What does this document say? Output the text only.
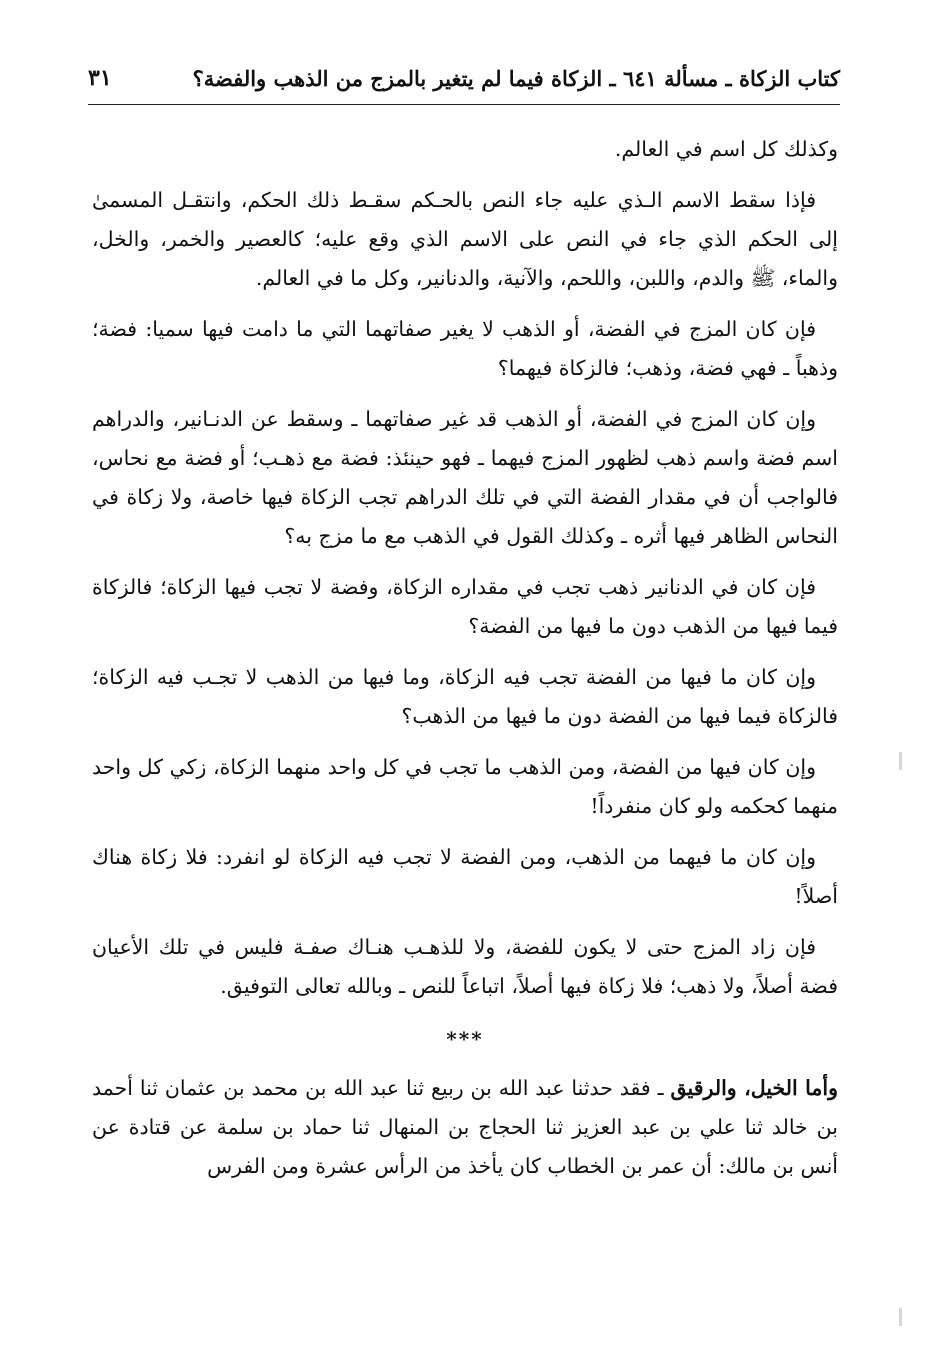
كتاب الزكاة ـ مسألة ٦٤١ ـ الزكاة فيما لم يتغير بالمزج من الذهب والفضة؟
٣١

وكذلك كل اسم في العالم.

فإذا سقط الاسم الـذي عليه جاء النص بالحـكم سقـط ذلك الحكم، وانتقـل المسمىٰ إلى الحكم الذي جاء في النص على الاسم الذي وقع عليه؛ كالعصير والخمر، والخل، والماء، ﷺ والدم، واللبن، واللحم، والآنية، والدنانير، وكل ما في العالم.

فإن كان المزج في الفضة، أو الذهب لا يغير صفاتهما التي ما دامت فيها سميا: فضة؛ وذهباً ـ فهي فضة، وذهب؛ فالزكاة فيهما؟

وإن كان المزج في الفضة، أو الذهب قد غير صفاتهما ـ وسقط عن الدنـانير، والدراهم اسم فضة واسم ذهب لظهور المزج فيهما ـ فهو حينئذ: فضة مع ذهـب؛ أو فضة مع نحاس، فالواجب أن في مقدار الفضة التي في تلك الدراهم تجب الزكاة فيها خاصة، ولا زكاة في النحاس الظاهر فيها أثره ـ وكذلك القول في الذهب مع ما مزج به؟

فإن كان في الدنانير ذهب تجب في مقداره الزكاة، وفضة لا تجب فيها الزكاة؛ فالزكاة فيما فيها من الذهب دون ما فيها من الفضة؟

وإن كان ما فيها من الفضة تجب فيه الزكاة، وما فيها من الذهب لا تجـب فيه الزكاة؛ فالزكاة فيما فيها من الفضة دون ما فيها من الذهب؟

وإن كان فيها من الفضة، ومن الذهب ما تجب في كل واحد منهما الزكاة، زكي كل واحد منهما كحكمه ولو كان منفرداً!

وإن كان ما فيهما من الذهب، ومن الفضة لا تجب فيه الزكاة لو انفرد: فلا زكاة هناك أصلاً!

فإن زاد المزج حتى لا يكون للفضة، ولا للذهـب هنـاك صفـة فليس في تلك الأعيان فضة أصلاً، ولا ذهب؛ فلا زكاة فيها أصلاً، اتباعاً للنص ـ وبالله تعالى التوفيق.

***

وأما الخيل، والرقيق ـ فقد حدثنا عبد الله بن ربيع ثنا عبد الله بن محمد بن عثمان ثنا أحمد بن خالد ثنا علي بن عبد العزيز ثنا الحجاج بن المنهال ثنا حماد بن سلمة عن قتادة عن أنس بن مالك: أن عمر بن الخطاب كان يأخذ من الرأس عشرة ومن الفرس
